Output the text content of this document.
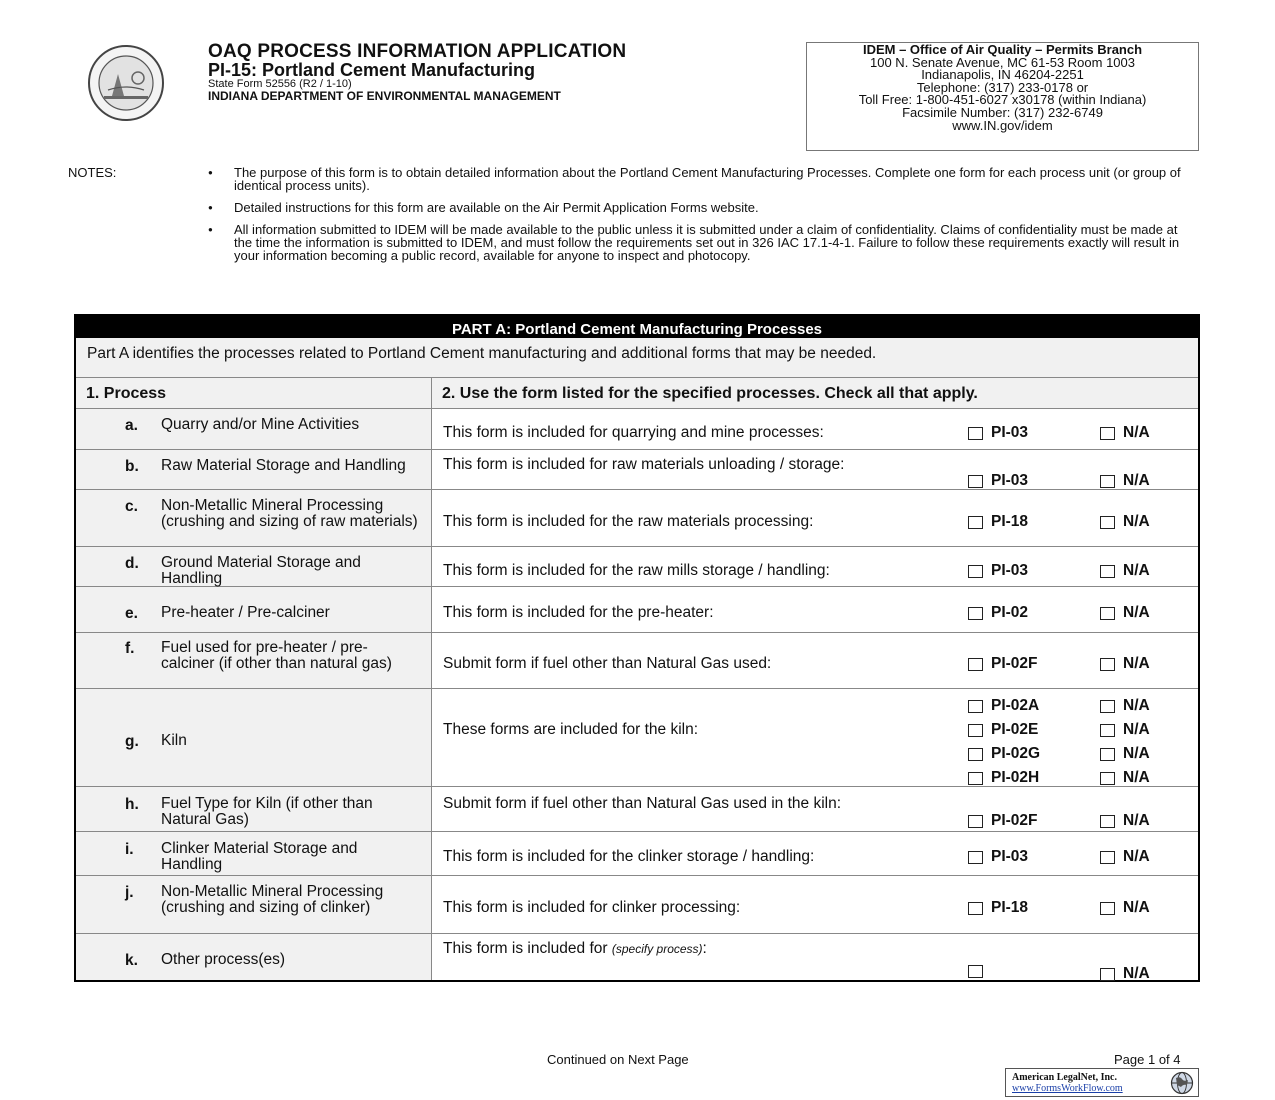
OAQ PROCESS INFORMATION APPLICATION
PI-15: Portland Cement Manufacturing
State Form 52556 (R2 / 1-10)
INDIANA DEPARTMENT OF ENVIRONMENTAL MANAGEMENT
IDEM – Office of Air Quality – Permits Branch
100 N. Senate Avenue, MC 61-53 Room 1003
Indianapolis, IN 46204-2251
Telephone: (317) 233-0178 or
Toll Free: 1-800-451-6027 x30178 (within Indiana)
Facsimile Number: (317) 232-6749
www.IN.gov/idem
NOTES:
●	The purpose of this form is to obtain detailed information about the Portland Cement Manufacturing Processes. Complete one form for each process unit (or group of identical process units).
● Detailed instructions for this form are available on the Air Permit Application Forms website.
● All information submitted to IDEM will be made available to the public unless it is submitted under a claim of confidentiality. Claims of confidentiality must be made at the time the information is submitted to IDEM, and must follow the requirements set out in 326 IAC 17.1-4-1. Failure to follow these requirements exactly will result in your information becoming a public record, available for anyone to inspect and photocopy.
PART A: Portland Cement Manufacturing Processes
Part A identifies the processes related to Portland Cement manufacturing and additional forms that may be needed.
1. Process	2. Use the form listed for the specified processes. Check all that apply.
a. Quarry and/or Mine Activities	This form is included for quarrying and mine processes:	PI-03	N/A
b. Raw Material Storage and Handling	This form is included for raw materials unloading / storage:
PI-03	N/A
c. Non-Metallic Mineral Processing (crushing and sizing of raw materials) This form is included for the raw materials processing:	PI-18	N/A
d. Ground Material Storage and Handling	This form is included for the raw mills storage / handling:	PI-03	N/A
e. Pre-heater / Pre-calciner	This form is included for the pre-heater:	PI-02	N/A
f. Fuel used for pre-heater / pre-calciner (if other than natural gas)	Submit form if fuel other than Natural Gas used:	PI-02F	N/A
g. Kiln
These forms are included for the kiln:
PI-02A	N/A
PI-02E	N/A
PI-02G	N/A
PI-02H	N/A
h. Fuel Type for Kiln (if other than Natural Gas)
Submit form if fuel other than Natural Gas used in the kiln:
PI-02F	N/A
i. Clinker Material Storage and Handling	This form is included for the clinker storage / handling:	PI-03	N/A
j. Non-Metallic Mineral Processing (crushing and sizing of clinker)	This form is included for clinker processing:	PI-18	N/A
k. Other process(es)
This form is included for (specify process):
N/A
Continued on Next Page	Page 1 of 4
American LegalNet, Inc.
www.FormsWorkFlow.com
